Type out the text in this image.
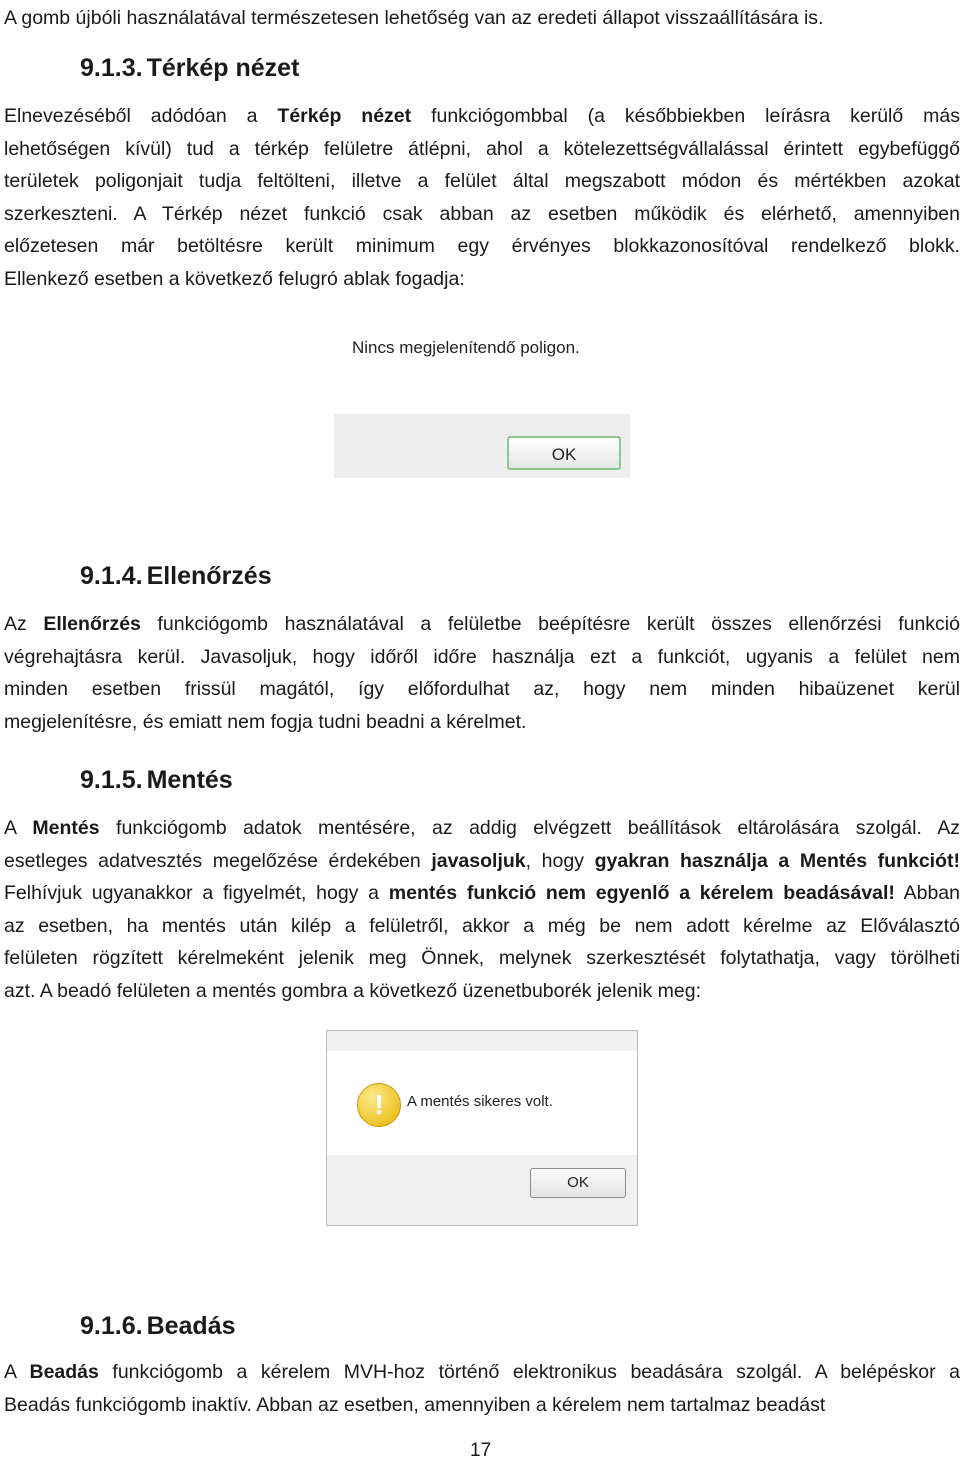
A gomb újbóli használatával természetesen lehetőség van az eredeti állapot visszaállítására is.

9.1.3. Térkép nézet
Elnevezéséből adódóan a Térkép nézet funkciógombbal (a későbbiekben leírásra kerülő más
lehetőségen kívül) tud a térkép felületre átlépni, ahol a kötelezettségvállalással érintett egybefüggő
területek poligonjait tudja feltölteni, illetve a felület által megszabott módon és mértékben azokat
szerkeszteni. A Térkép nézet funkció csak abban az esetben működik és elérhető, amennyiben
előzetesen már betöltésre került minimum egy érvényes blokkazonosítóval rendelkező blokk.
Ellenkező esetben a következő felugró ablak fogadja:
Nincs megjelenítendő poligon.
OK
9.1.4. Ellenőrzés
Az Ellenőrzés funkciógomb használatával a felületbe beépítésre került összes ellenőrzési funkció
végrehajtásra kerül. Javasoljuk, hogy időről időre használja ezt a funkciót, ugyanis a felület nem
minden esetben frissül magától, így előfordulhat az, hogy nem minden hibaüzenet kerül
megjelenítésre, és emiatt nem fogja tudni beadni a kérelmet.
9.1.5. Mentés
A Mentés funkciógomb adatok mentésére, az addig elvégzett beállítások eltárolására szolgál. Az
esetleges adatvesztés megelőzése érdekében javasoljuk, hogy gyakran használja a Mentés funkciót!
Felhívjuk ugyanakkor a figyelmét, hogy a mentés funkció nem egyenlő a kérelem beadásával! Abban
az esetben, ha mentés után kilép a felületről, akkor a még be nem adott kérelme az Előválasztó
felületen rögzített kérelmeként jelenik meg Önnek, melynek szerkesztését folytathatja, vagy törölheti
azt. A beadó felületen a mentés gombra a következő üzenetbuborék jelenik meg:
!	A mentés sikeres volt.
OK
9.1.6. Beadás
A Beadás funkciógomb a kérelem MVH-hoz történő elektronikus beadására szolgál. A belépéskor a
Beadás funkciógomb inaktív. Abban az esetben, amennyiben a kérelem nem tartalmaz beadást
17
